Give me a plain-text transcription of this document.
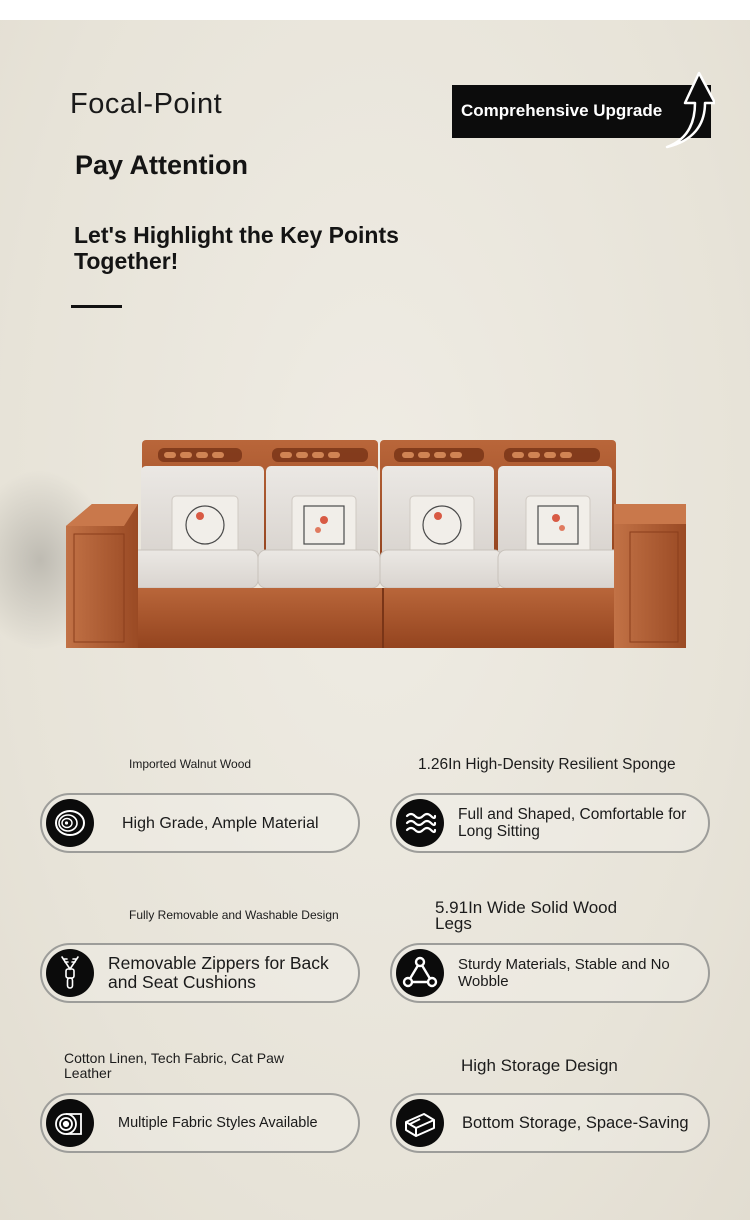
Focal-Point
Pay Attention
Let's Highlight the Key Points Together!
Comprehensive Upgrade
Imported Walnut Wood
High Grade, Ample Material
1.26In High-Density Resilient Sponge
Full and Shaped, Comfortable for Long Sitting
Fully Removable and Washable Design
Removable Zippers for Back and Seat Cushions
5.91In Wide Solid Wood Legs
Sturdy Materials, Stable and No Wobble
Cotton Linen, Tech Fabric, Cat Paw Leather
Multiple Fabric Styles Available
High Storage Design
Bottom Storage, Space-Saving
